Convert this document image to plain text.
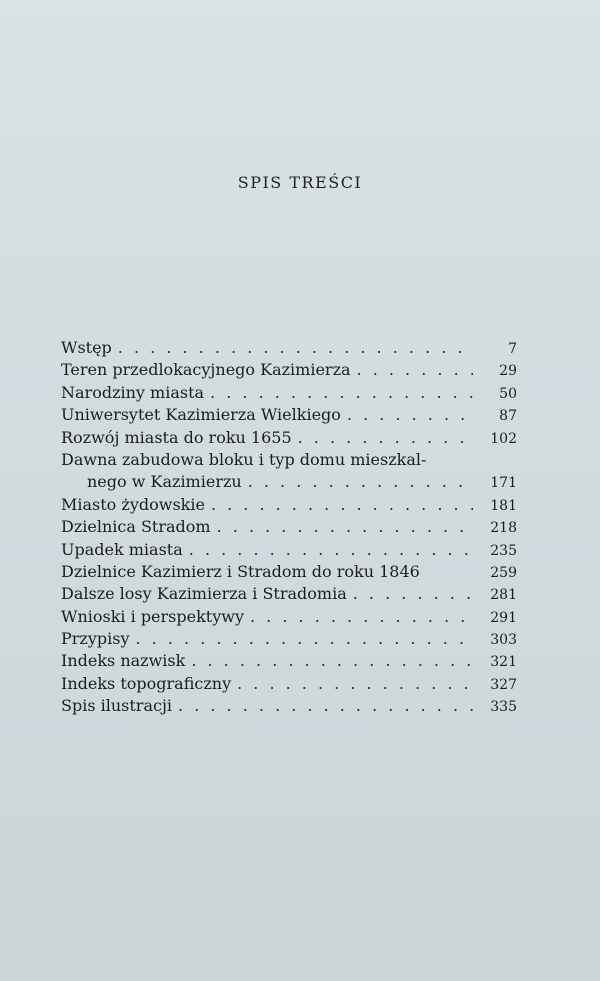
SPIS TREŚCI
Wstęp . . .	7
Teren przedlokacyjnego Kazimierza . . .	29
Narodziny miasta . . .	50
Uniwersytet Kazimierza Wielkiego . . .	87
Rozwój miasta do roku 1655 . . .	102
Dawna zabudowa bloku i typ domu mieszkal-
nego w Kazimierzu . . .	171
Miasto żydowskie . . .	181
Dzielnica Stradom . . .	218
Upadek miasta . . .	235
Dzielnice Kazimierz i Stradom do roku 1846	259
Dalsze losy Kazimierza i Stradomia . . .	281
Wnioski i perspektywy . . .	291
Przypisy . . .	303
Indeks nazwisk . . .	321
Indeks topograficzny . . .	327
Spis ilustracji . . .	335
